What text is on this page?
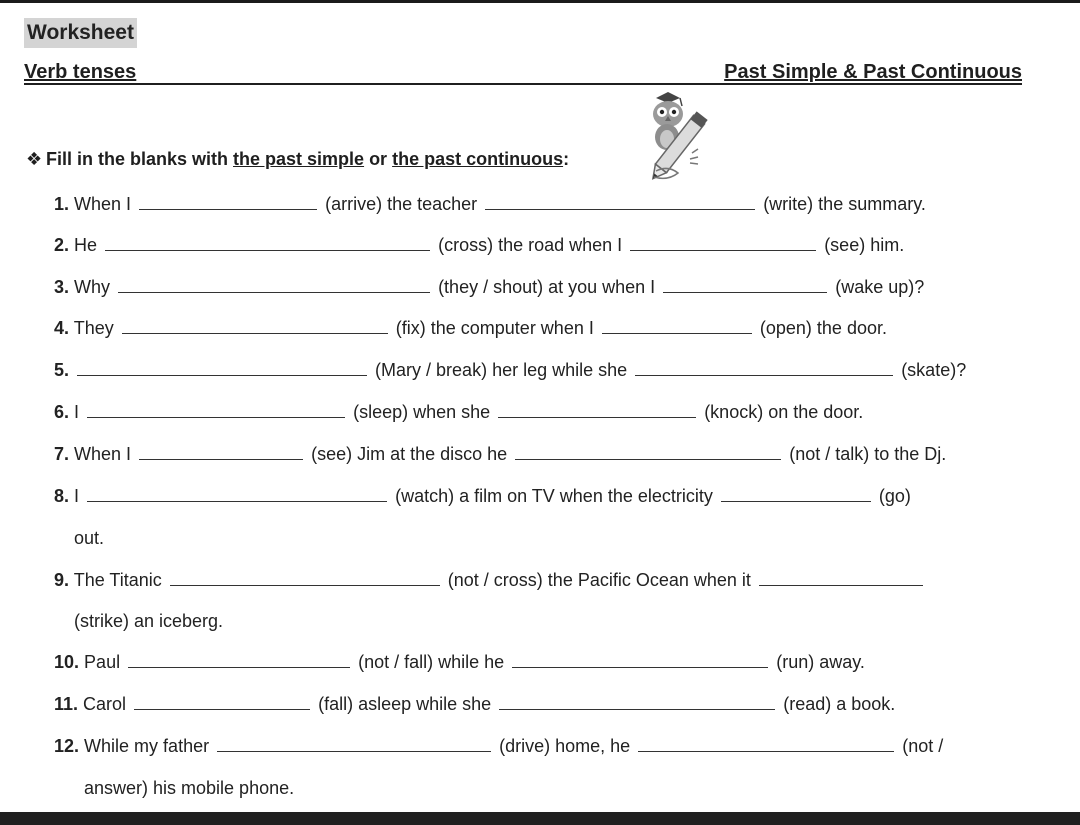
Worksheet
Verb tenses	Past Simple & Past Continuous
❖ Fill in the blanks with the past simple or the past continuous:
1. When I	(arrive) the teacher	(write) the summary.
2. He	(cross) the road when I	(see) him.
3. Why	(they / shout) at you when I	(wake up)?
4. They	(fix) the computer when I	(open) the door.
5.	(Mary / break) her leg while she	(skate)?
6. I	(sleep) when she	(knock) on the door.
7. When I	(see) Jim at the disco he	(not / talk) to the Dj.
8. I	(watch) a film on TV when the electricity	(go)
out.
9. The Titanic	(not / cross) the Pacific Ocean when it
(strike) an iceberg.
10. Paul	(not / fall) while he	(run) away.
11. Carol	(fall) asleep while she	(read) a book.
12. While my father	(drive) home, he	(not /
answer) his mobile phone.
